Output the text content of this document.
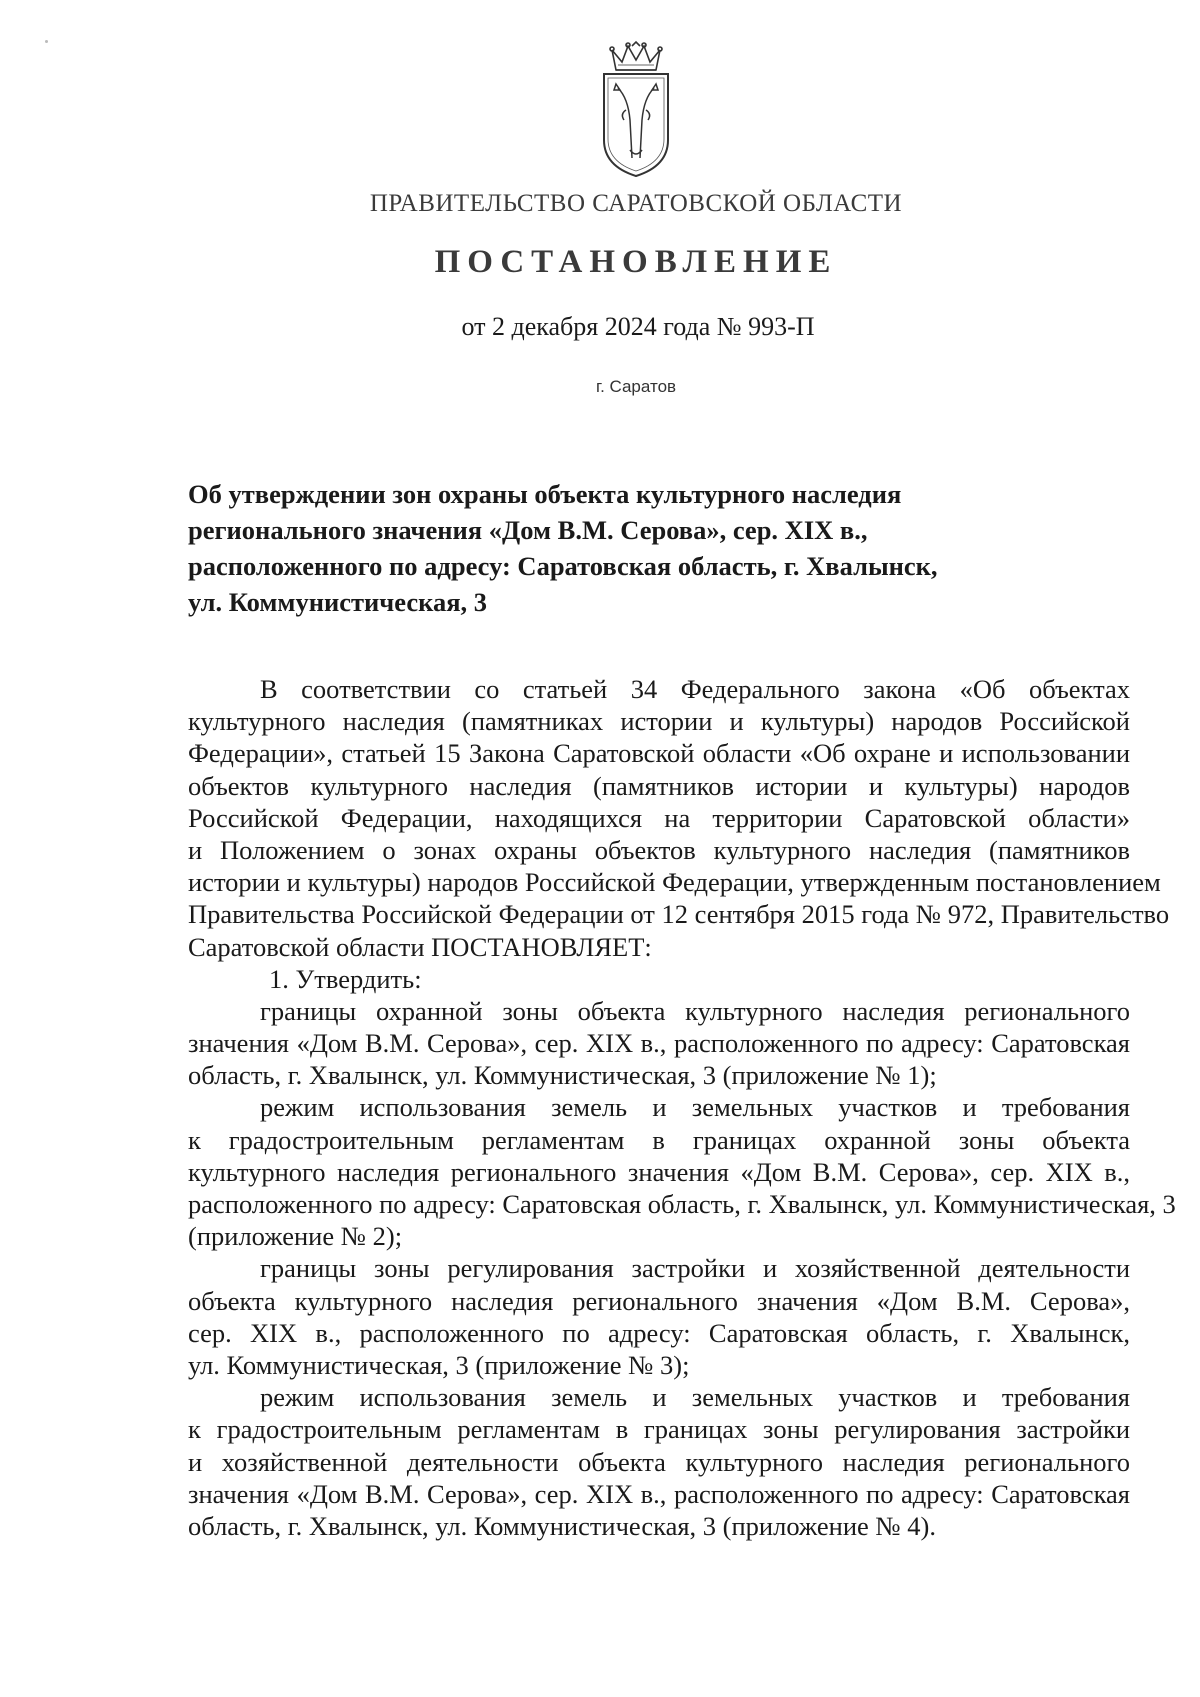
ПРАВИТЕЛЬСТВО САРАТОВСКОЙ ОБЛАСТИ
ПОСТАНОВЛЕНИЕ
от 2 декабря 2024 года № 993-П
г. Саратов
Об утверждении зон охраны объекта культурного наследия
регионального значения «Дом В.М. Серова», сер. XIX в.,
расположенного по адресу: Саратовская область, г. Хвалынск,
ул. Коммунистическая, 3
В соответствии со статьей 34 Федерального закона «Об объектах
культурного наследия (памятниках истории и культуры) народов Российской
Федерации», статьей 15 Закона Саратовской области «Об охране и использовании
объектов культурного наследия (памятников истории и культуры) народов
Российской Федерации, находящихся на территории Саратовской области»
и Положением о зонах охраны объектов культурного наследия (памятников
истории и культуры) народов Российской Федерации, утвержденным постановлением
Правительства Российской Федерации от 12 сентября 2015 года № 972, Правительство
Саратовской области ПОСТАНОВЛЯЕТ:
1. Утвердить:
границы охранной зоны объекта культурного наследия регионального
значения «Дом В.М. Серова», сер. XIX в., расположенного по адресу: Саратовская
область, г. Хвалынск, ул. Коммунистическая, 3 (приложение № 1);
режим использования земель и земельных участков и требования
к градостроительным регламентам в границах охранной зоны объекта
культурного наследия регионального значения «Дом В.М. Серова», сер. XIX в.,
расположенного по адресу: Саратовская область, г. Хвалынск, ул. Коммунистическая, 3
(приложение № 2);
границы зоны регулирования застройки и хозяйственной деятельности
объекта культурного наследия регионального значения «Дом В.М. Серова»,
сер. XIX в., расположенного по адресу: Саратовская область, г. Хвалынск,
ул. Коммунистическая, 3 (приложение № 3);
режим использования земель и земельных участков и требования
к градостроительным регламентам в границах зоны регулирования застройки
и хозяйственной деятельности объекта культурного наследия регионального
значения «Дом В.М. Серова», сер. XIX в., расположенного по адресу: Саратовская
область, г. Хвалынск, ул. Коммунистическая, 3 (приложение № 4).
